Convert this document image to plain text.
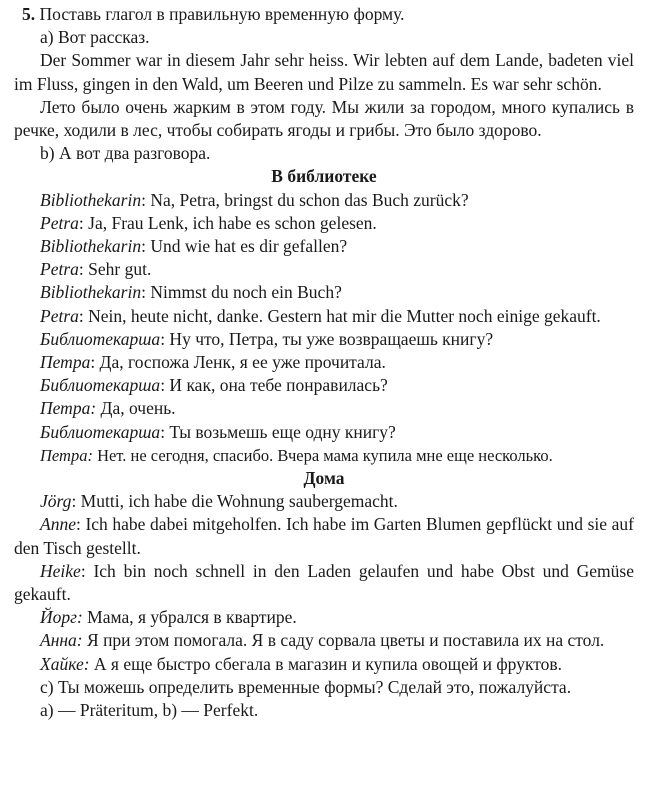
5. Поставь глагол в правильную временную форму.

a) Вот рассказ.

Der Sommer war in diesem Jahr sehr heiss. Wir lebten auf dem Lande, badeten viel im Fluss, gingen in den Wald, um Beeren und Pilze zu sammeln. Es war sehr schön.

Лето было очень жарким в этом году. Мы жили за городом, много купались в речке, ходили в лес, чтобы собирать ягоды и грибы. Это было здорово.

b) А вот два разговора.

В библиотеке

Bibliothekarin: Na, Petra, bringst du schon das Buch zurück?

Petra: Ja, Frau Lenk, ich habe es schon gelesen.

Bibliothekarin: Und wie hat es dir gefallen?

Petra: Sehr gut.

Bibliothekarin: Nimmst du noch ein Buch?

Petra: Nein, heute nicht, danke. Gestern hat mir die Mutter noch einige gekauft.

Библиотекарша: Ну что, Петра, ты уже возвращаешь книгу?

Петра: Да, госпожа Ленк, я ее уже прочитала.

Библиотекарша: И как, она тебе понравилась?

Петра: Да, очень.

Библиотекарша: Ты возьмешь еще одну книгу?

Петра: Нет. не сегодня, спасибо. Вчера мама купила мне еще несколько.

Дома

Jörg: Mutti, ich habe die Wohnung saubergemacht.

Anne: Ich habe dabei mitgeholfen. Ich habe im Garten Blumen gepflückt und sie auf den Tisch gestellt.

Heike: Ich bin noch schnell in den Laden gelaufen und habe Obst und Gemüse gekauft.

Йорг: Мама, я убрался в квартире.

Анна: Я при этом помогала. Я в саду сорвала цветы и поставила их на стол.

Хайке: А я еще быстро сбегала в магазин и купила овощей и фруктов.

c) Ты можешь определить временные формы? Сделай это, пожалуйста.

a) — Präteritum, b) — Perfekt.
